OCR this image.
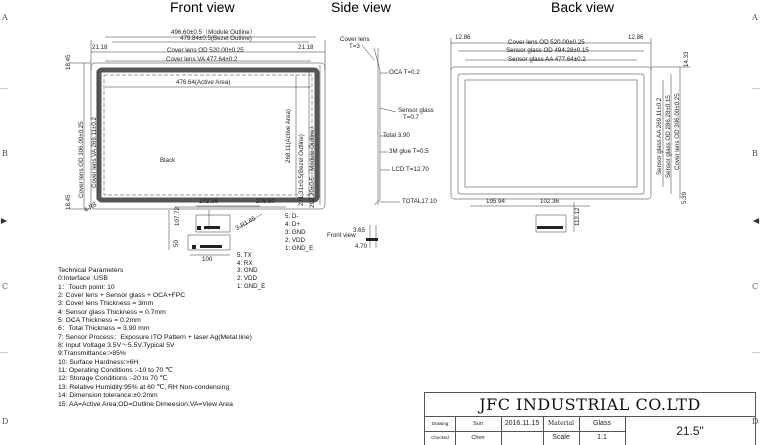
A
B
C
D
A
B
C
D
Front view	Side view	Back view
496.60±0.5（Module Outline）
479.84±0.5(Bezel Outline)
21.18	21.18
Cover lens OD 520.00±0.25
Cover lens VA 477.64±0.2
476.64(Active Area)
18.45
18.45 4-R8
Cover lens OD 306.00±0.25 Cover lens VA 269.11±0.2	268.11(Active Area) 271.31±0.5(Bezel Outline) 292.20±0.5（Module Outline）
Black
102.36	208.80
107.72	3-R1.65
50
100
5: D-
4: D+
3: GND
2: VDD
1: GND_E
5: TX
4: RX
3: GND
2: VDD
1: GND_E
Cover lens
T=3
OCA T=0.2
Sensor glass
T=0.7
Total 3.90
3M glue T=0.5
LCD T=12.70
TOTAL17.10
Front view
3.65
4.70
12.86	12.86
Cover lens OD 520.00±0.25
Sensor glass OD 494.28±0.15
Sensor glass AA 477.64±0.2	14.33
Sensor glass AA 269.11±0.2 Sensor glass OD 286.28±0.15 Cover lens OD 306.00±0.25
5.39
195.94	102.36
113.12
Technical Parameters
0:Interface :USB
1：Touch point: 10
2: Cover lens + Sensor glass + OCA+FPC
3: Cover lens Thickness = 3mm
4: Sensor glass Thickness = 0.7mm
5: OCA Thickness = 0.2mm
6：Total Thickness = 3.90 mm
7: Sensor Process：Exposure ITO Pattern + laser Ag(Metal line)
8: Input Voltage 3.5V～5.5V.Typical 5V
9:Transmittance:>85%
10: Surface Hardness:>6H
11: Operating Conditions :-10 to 70 ℃
12: Storage Conditions :-20 to 70 ℃
13: Relative Humidity:95% at 60 ℃, RH Non-condensing
14: Dimension tolerance:±0.2mm
15: AA=Active Area;OD=Outline Dimeesion;VA=View Area	JFC INDUSTRIAL CO.LTD
Drawing	Sun	2016.11.15	Material	Glass
Checked	Chen	Scale	1:1	21.5"
